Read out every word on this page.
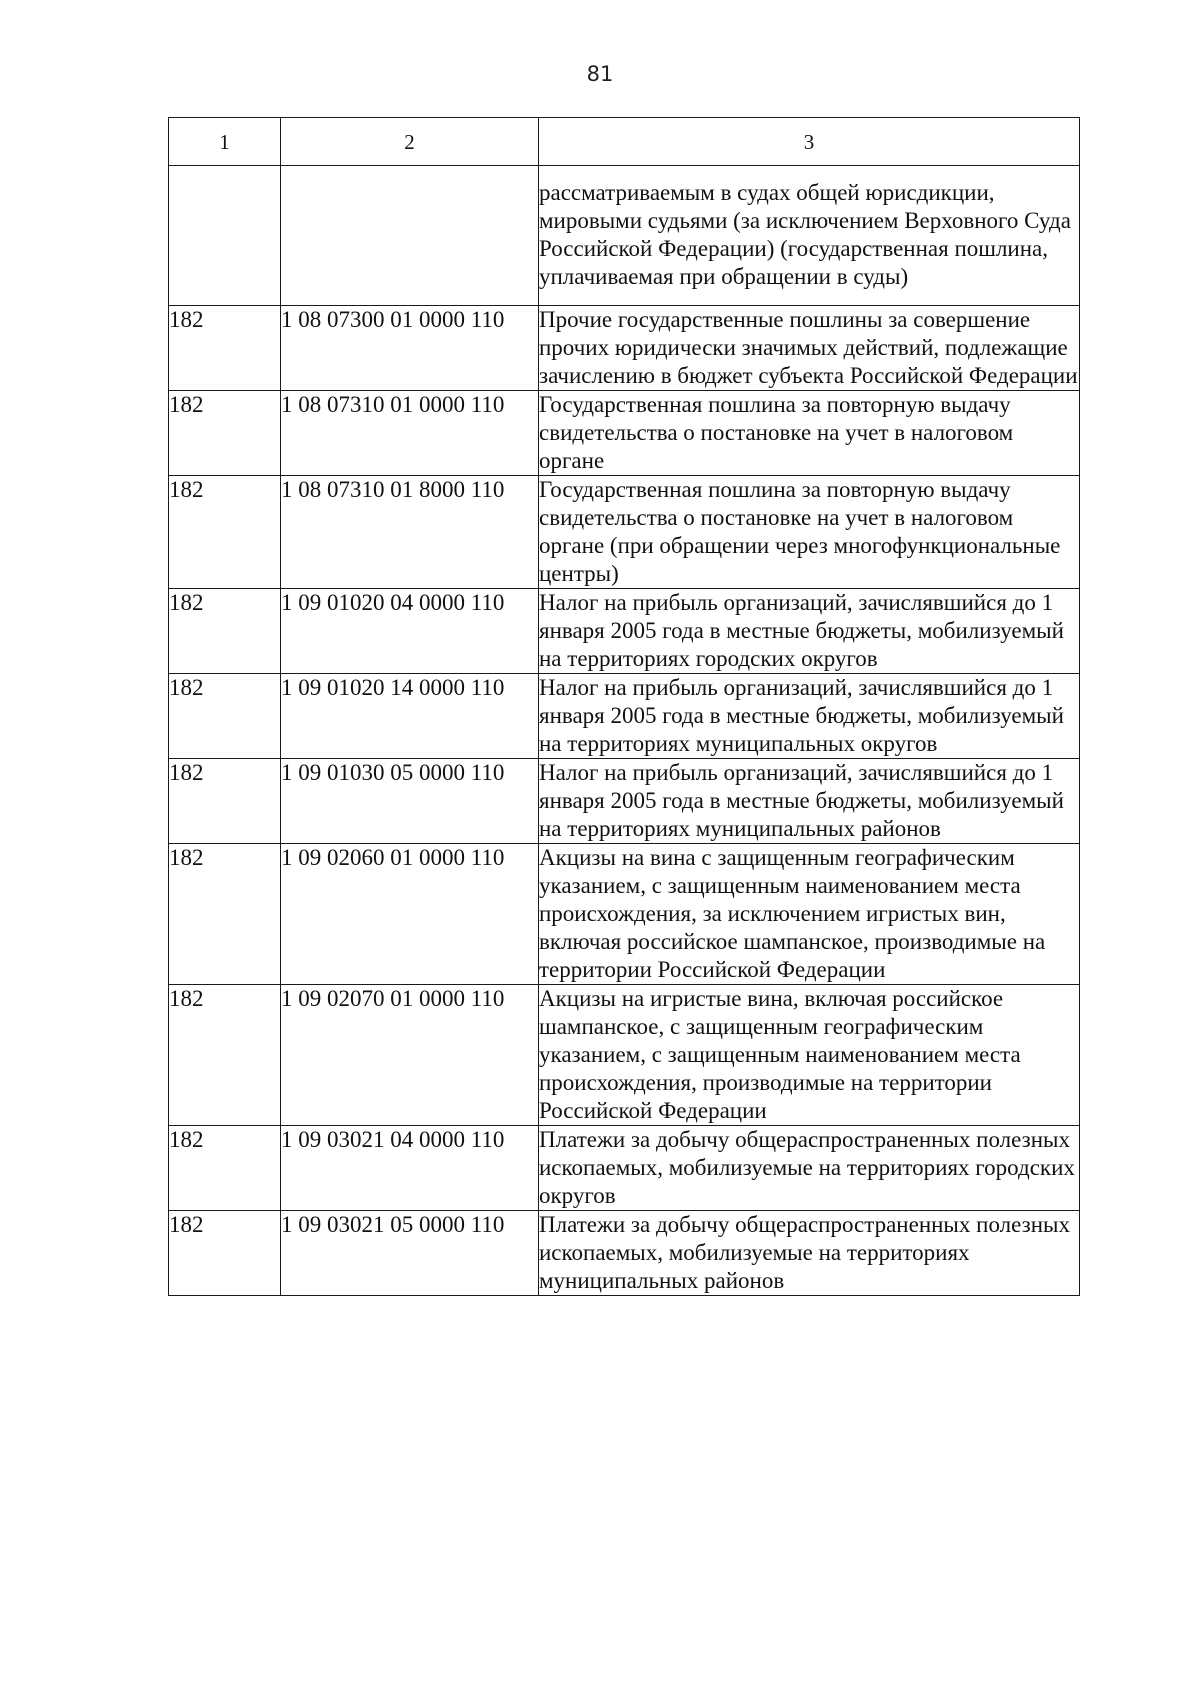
81
1	2	3
		рассматриваемым в судах общей юрисдикции, мировыми судьями (за исключением Верховного Суда Российской Федерации) (государственная пошлина, уплачиваемая при обращении в суды)
182	1 08 07300 01 0000 110	Прочие государственные пошлины за совершение прочих юридически значимых действий, подлежащие зачислению в бюджет субъекта Российской Федерации
182	1 08 07310 01 0000 110	Государственная пошлина за повторную выдачу свидетельства о постановке на учет в налоговом органе
182	1 08 07310 01 8000 110	Государственная пошлина за повторную выдачу свидетельства о постановке на учет в налоговом органе (при обращении через многофункциональные центры)
182	1 09 01020 04 0000 110	Налог на прибыль организаций, зачислявшийся до 1 января 2005 года в местные бюджеты, мобилизуемый на территориях городских округов
182	1 09 01020 14 0000 110	Налог на прибыль организаций, зачислявшийся до 1 января 2005 года в местные бюджеты, мобилизуемый на территориях муниципальных округов
182	1 09 01030 05 0000 110	Налог на прибыль организаций, зачислявшийся до 1 января 2005 года в местные бюджеты, мобилизуемый на территориях муниципальных районов
182	1 09 02060 01 0000 110	Акцизы на вина с защищенным географическим указанием, с защищенным наименованием места происхождения, за исключением игристых вин, включая российское шампанское, производимые на территории Российской Федерации
182	1 09 02070 01 0000 110	Акцизы на игристые вина, включая российское шампанское, с защищенным географическим указанием, с защищенным наименованием места происхождения, производимые на территории Российской Федерации
182	1 09 03021 04 0000 110	Платежи за добычу общераспространенных полезных ископаемых, мобилизуемые на территориях городских округов
182	1 09 03021 05 0000 110	Платежи за добычу общераспространенных полезных ископаемых, мобилизуемые на территориях муниципальных районов
